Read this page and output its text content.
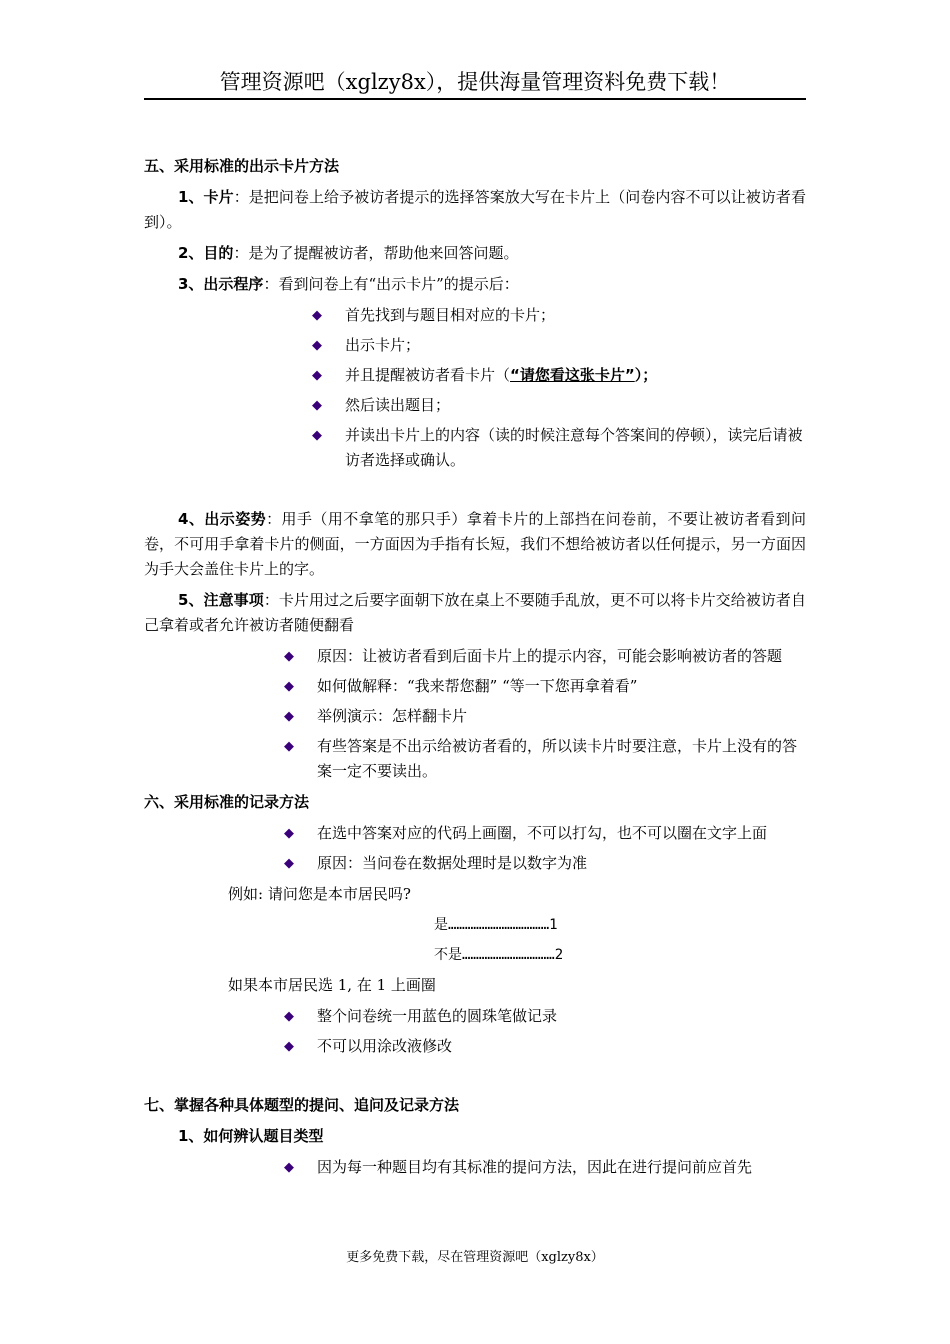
管理资源吧（xglzy8x），提供海量管理资料免费下载！
五、采用标准的出示卡片方法

1、卡片：是把问卷上给予被访者提示的选择答案放大写在卡片上（问卷内容不可以让被访者看到）。

2、目的：是为了提醒被访者，帮助他来回答问题。

3、出示程序：看到问卷上有“出示卡片”的提示后：

◆ 首先找到与题目相对应的卡片；
◆ 出示卡片；
◆ 并且提醒被访者看卡片（“请您看这张卡片”）；
◆ 然后读出题目；
◆ 并读出卡片上的内容（读的时候注意每个答案间的停顿），读完后请被访者选择或确认。

4、出示姿势：用手（用不拿笔的那只手）拿着卡片的上部挡在问卷前，不要让被访者看到问卷，不可用手拿着卡片的侧面，一方面因为手指有长短，我们不想给被访者以任何提示，另一方面因为手大会盖住卡片上的字。

5、注意事项：卡片用过之后要字面朝下放在桌上不要随手乱放，更不可以将卡片交给被访者自己拿着或者允许被访者随便翻看

◆ 原因：让被访者看到后面卡片上的提示内容，可能会影响被访者的答题
◆ 如何做解释：“我来帮您翻” “等一下您再拿着看”
◆ 举例演示：怎样翻卡片
◆ 有些答案是不出示给被访者看的，所以读卡片时要注意，卡片上没有的答案一定不要读出。
六、采用标准的记录方法
◆ 在选中答案对应的代码上画圈，不可以打勾，也不可以圈在文字上面
◆ 原因：当问卷在数据处理时是以数字为准
例如: 请问您是本市居民吗?
是………………………………1
不是……………………………2
如果本市居民选 1, 在 1 上画圈
◆ 整个问卷统一用蓝色的圆珠笔做记录
◆ 不可以用涂改液修改
七、掌握各种具体题型的提问、追问及记录方法
1、如何辨认题目类型
◆ 因为每一种题目均有其标准的提问方法，因此在进行提问前应首先
更多免费下载，尽在管理资源吧（xglzy8x）
